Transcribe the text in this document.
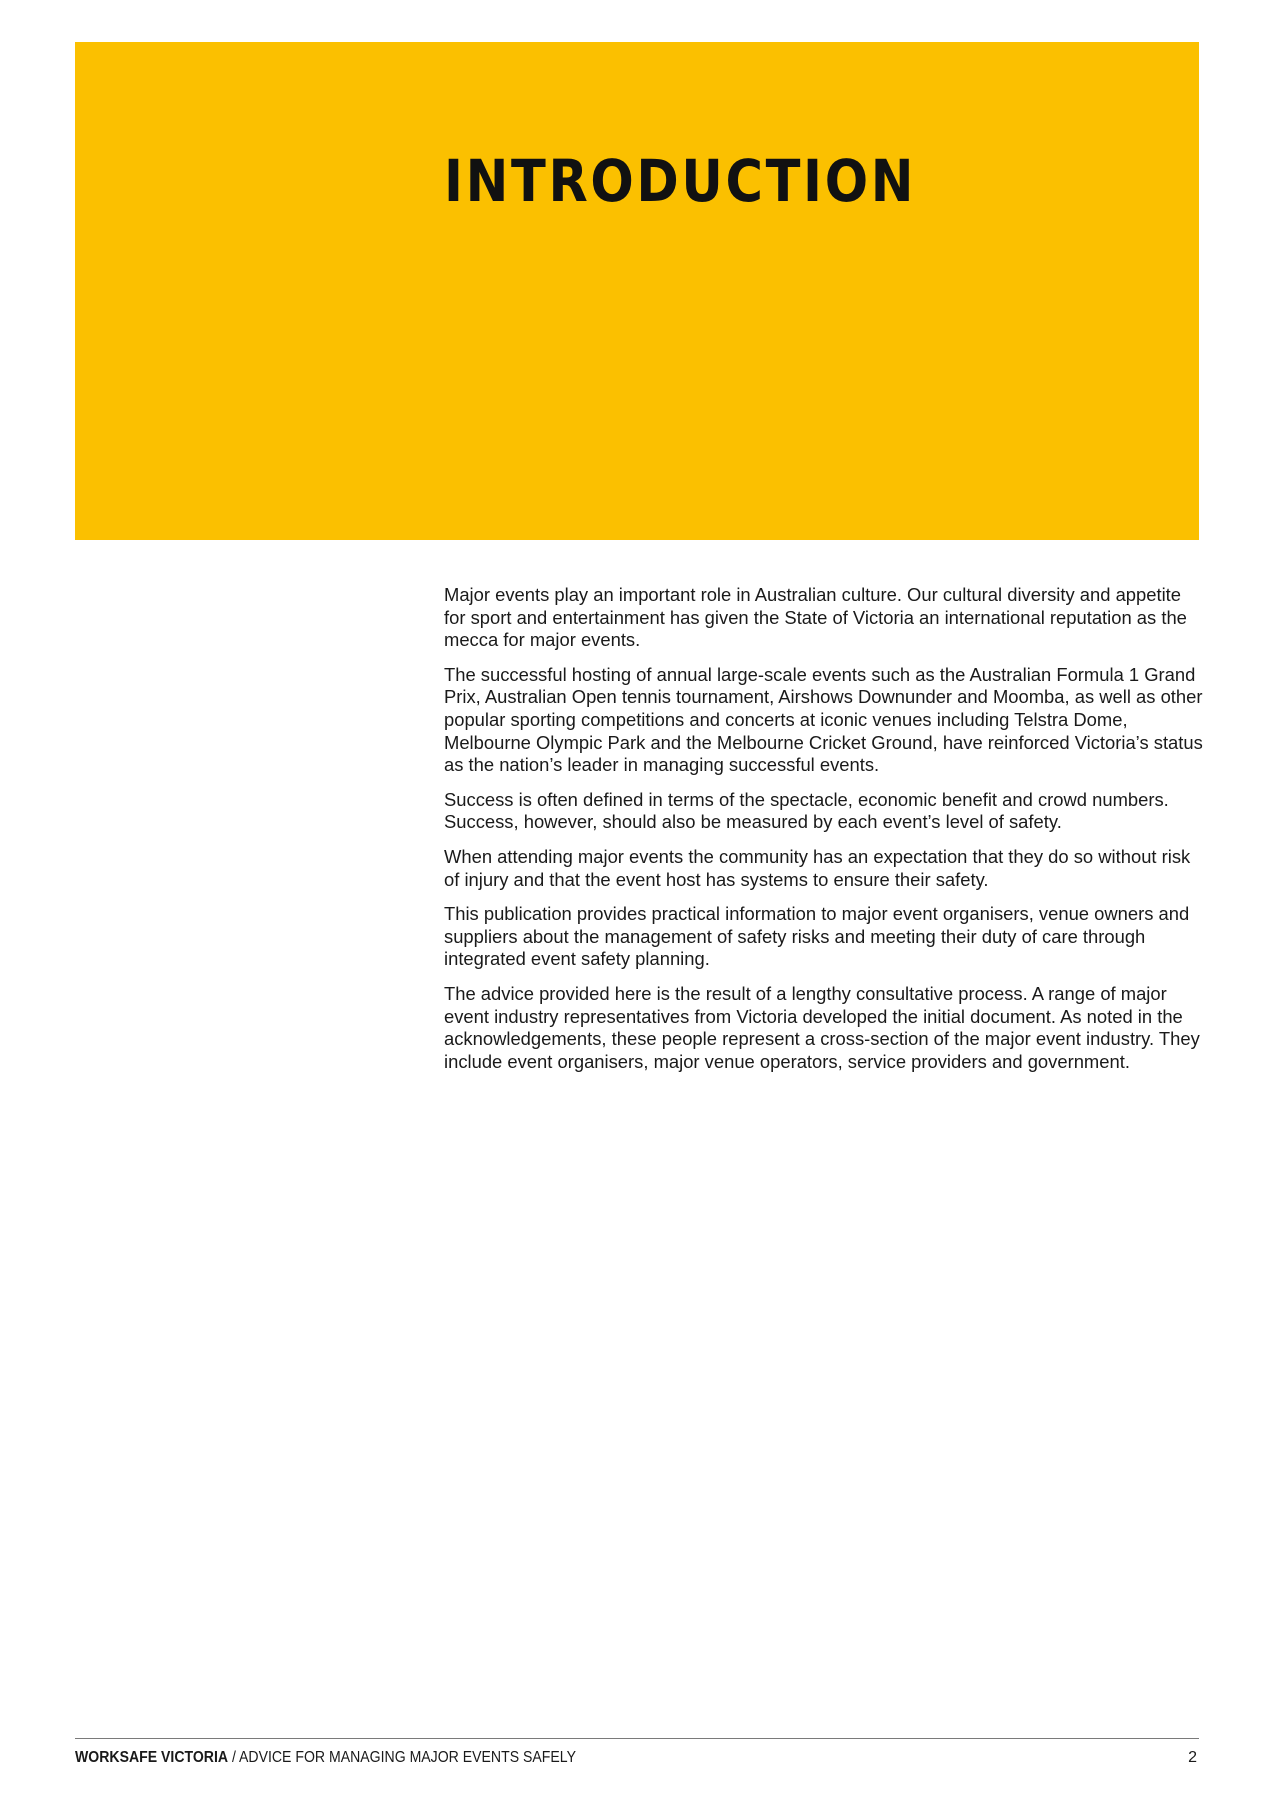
INTRODUCTION

Major events play an important role in Australian culture. Our cultural diversity and appetite for sport and entertainment has given the State of Victoria an international reputation as the mecca for major events.

The successful hosting of annual large-scale events such as the Australian Formula 1 Grand Prix, Australian Open tennis tournament, Airshows Downunder and Moomba, as well as other popular sporting competitions and concerts at iconic venues including Telstra Dome, Melbourne Olympic Park and the Melbourne Cricket Ground, have reinforced Victoria’s status as the nation’s leader in managing successful events.

Success is often defined in terms of the spectacle, economic benefit and crowd numbers. Success, however, should also be measured by each event’s level of safety.

When attending major events the community has an expectation that they do so without risk of injury and that the event host has systems to ensure their safety.

This publication provides practical information to major event organisers, venue owners and suppliers about the management of safety risks and meeting their duty of care through integrated event safety planning.

The advice provided here is the result of a lengthy consultative process. A range of major event industry representatives from Victoria developed the initial document. As noted in the acknowledgements, these people represent a cross-section of the major event industry. They include event organisers, major venue operators, service providers and government.

WORKSAFE VICTORIA / ADVICE FOR MANAGING MAJOR EVENTS SAFELY	2
